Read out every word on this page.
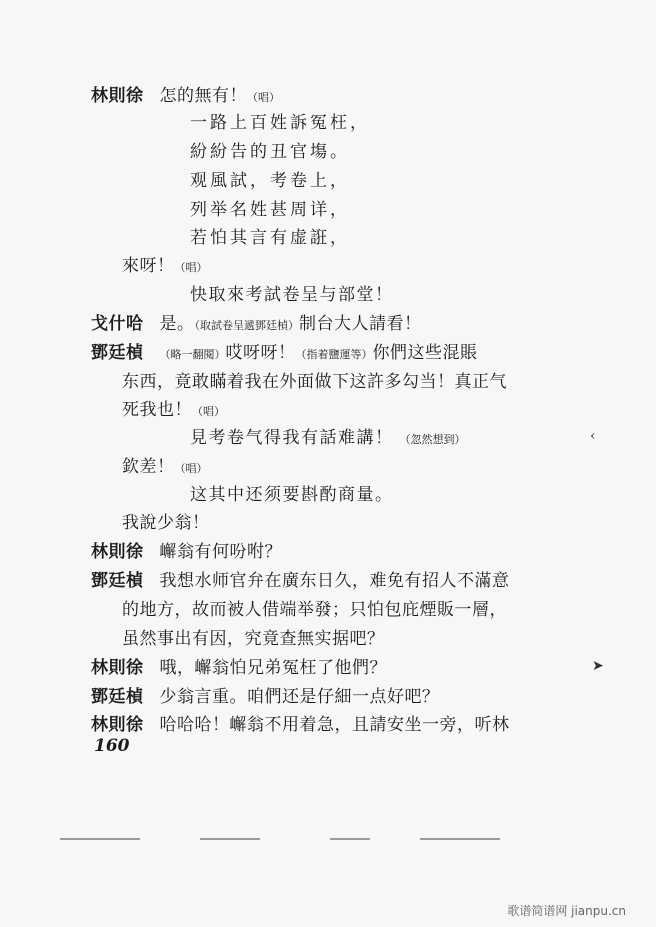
林則徐 怎的無有！（唱）
一路上百姓訴冤枉，
紛紛告的丑官塲。
观風試，考卷上，
列举名姓甚周详，
若怕其言有虚誑，
來呀！（唱）
快取來考試卷呈与部堂！
戈什哈 是。（取試卷呈遞鄧廷楨）制台大人請看！
鄧廷楨 （略一翻閱）哎呀呀！（指着鹽運等）你們这些混賬
东西，竟敢瞞着我在外面做下这許多勾当！真正气
死我也！（唱）
見考卷气得我有話难講！ （忽然想到）
欽差！（唱）
这其中还须要斟酌商量。
我說少翁！
林則徐 嶰翁有何吩咐？
鄧廷楨 我想水师官弁在廣东日久，难免有招人不滿意
的地方，故而被人借端举發；只怕包庇煙販一層，
虽然事出有因，究竟查無实据吧？
林則徐 哦，嶰翁怕兄弟冤枉了他們？
鄧廷楨 少翁言重。咱們还是仔細一点好吧？
林則徐 哈哈哈！嶰翁不用着急，且請安坐一旁，听林
160
‹
➤
歌谱简谱网 jianpu.cn
